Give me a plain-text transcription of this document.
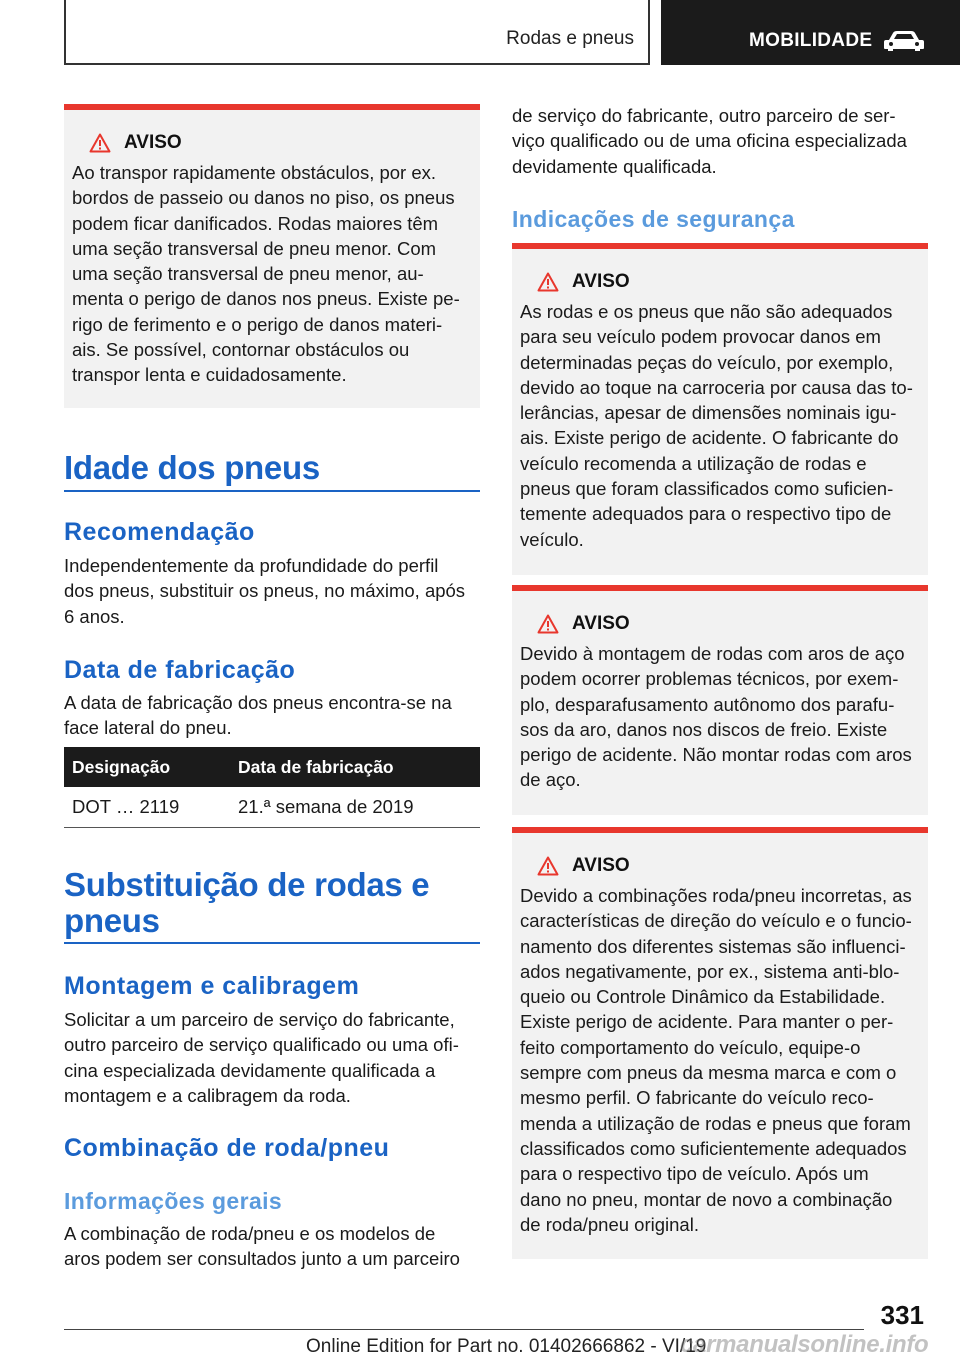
Rodas e pneus	MOBILIDADE
AVISO
Ao transpor rapidamente obstáculos, por ex.
bordos de passeio ou danos no piso, os pneus
podem ficar danificados. Rodas maiores têm
uma seção transversal de pneu menor. Com
uma seção transversal de pneu menor, au-
menta o perigo de danos nos pneus. Existe pe-
rigo de ferimento e o perigo de danos materi-
ais. Se possível, contornar obstáculos ou
transpor lenta e cuidadosamente.
Idade dos pneus
Recomendação
Independentemente da profundidade do perfil
dos pneus, substituir os pneus, no máximo, após
6 anos.
Data de fabricação
A data de fabricação dos pneus encontra-se na
face lateral do pneu.
Designação	Data de fabricação
DOT … 2119	21.ª semana de 2019
Substituição de rodas e
pneus
Montagem e calibragem
Solicitar a um parceiro de serviço do fabricante,
outro parceiro de serviço qualificado ou uma ofi-
cina especializada devidamente qualificada a
montagem e a calibragem da roda.
Combinação de roda/pneu
Informações gerais
A combinação de roda/pneu e os modelos de
aros podem ser consultados junto a um parceiro
de serviço do fabricante, outro parceiro de ser-
viço qualificado ou de uma oficina especializada
devidamente qualificada.
Indicações de segurança
AVISO
As rodas e os pneus que não são adequados
para seu veículo podem provocar danos em
determinadas peças do veículo, por exemplo,
devido ao toque na carroceria por causa das to-
lerâncias, apesar de dimensões nominais igu-
ais. Existe perigo de acidente. O fabricante do
veículo recomenda a utilização de rodas e
pneus que foram classificados como suficien-
temente adequados para o respectivo tipo de
veículo.
AVISO
Devido à montagem de rodas com aros de aço
podem ocorrer problemas técnicos, por exem-
plo, desparafusamento autônomo dos parafu-
sos da aro, danos nos discos de freio. Existe
perigo de acidente. Não montar rodas com aros
de aço.
AVISO
Devido a combinações roda/pneu incorretas, as
características de direção do veículo e o funcio-
namento dos diferentes sistemas são influenci-
ados negativamente, por ex., sistema anti-blo-
queio ou Controle Dinâmico da Estabilidade.
Existe perigo de acidente. Para manter o per-
feito comportamento do veículo, equipe-o
sempre com pneus da mesma marca e com o
mesmo perfil. O fabricante do veículo reco-
menda a utilização de rodas e pneus que foram
classificados como suficientemente adequados
para o respectivo tipo de veículo. Após um
dano no pneu, montar de novo a combinação
de roda/pneu original.
331
Online Edition for Part no. 01402666862 - VI/19
carmanualsonline.info
